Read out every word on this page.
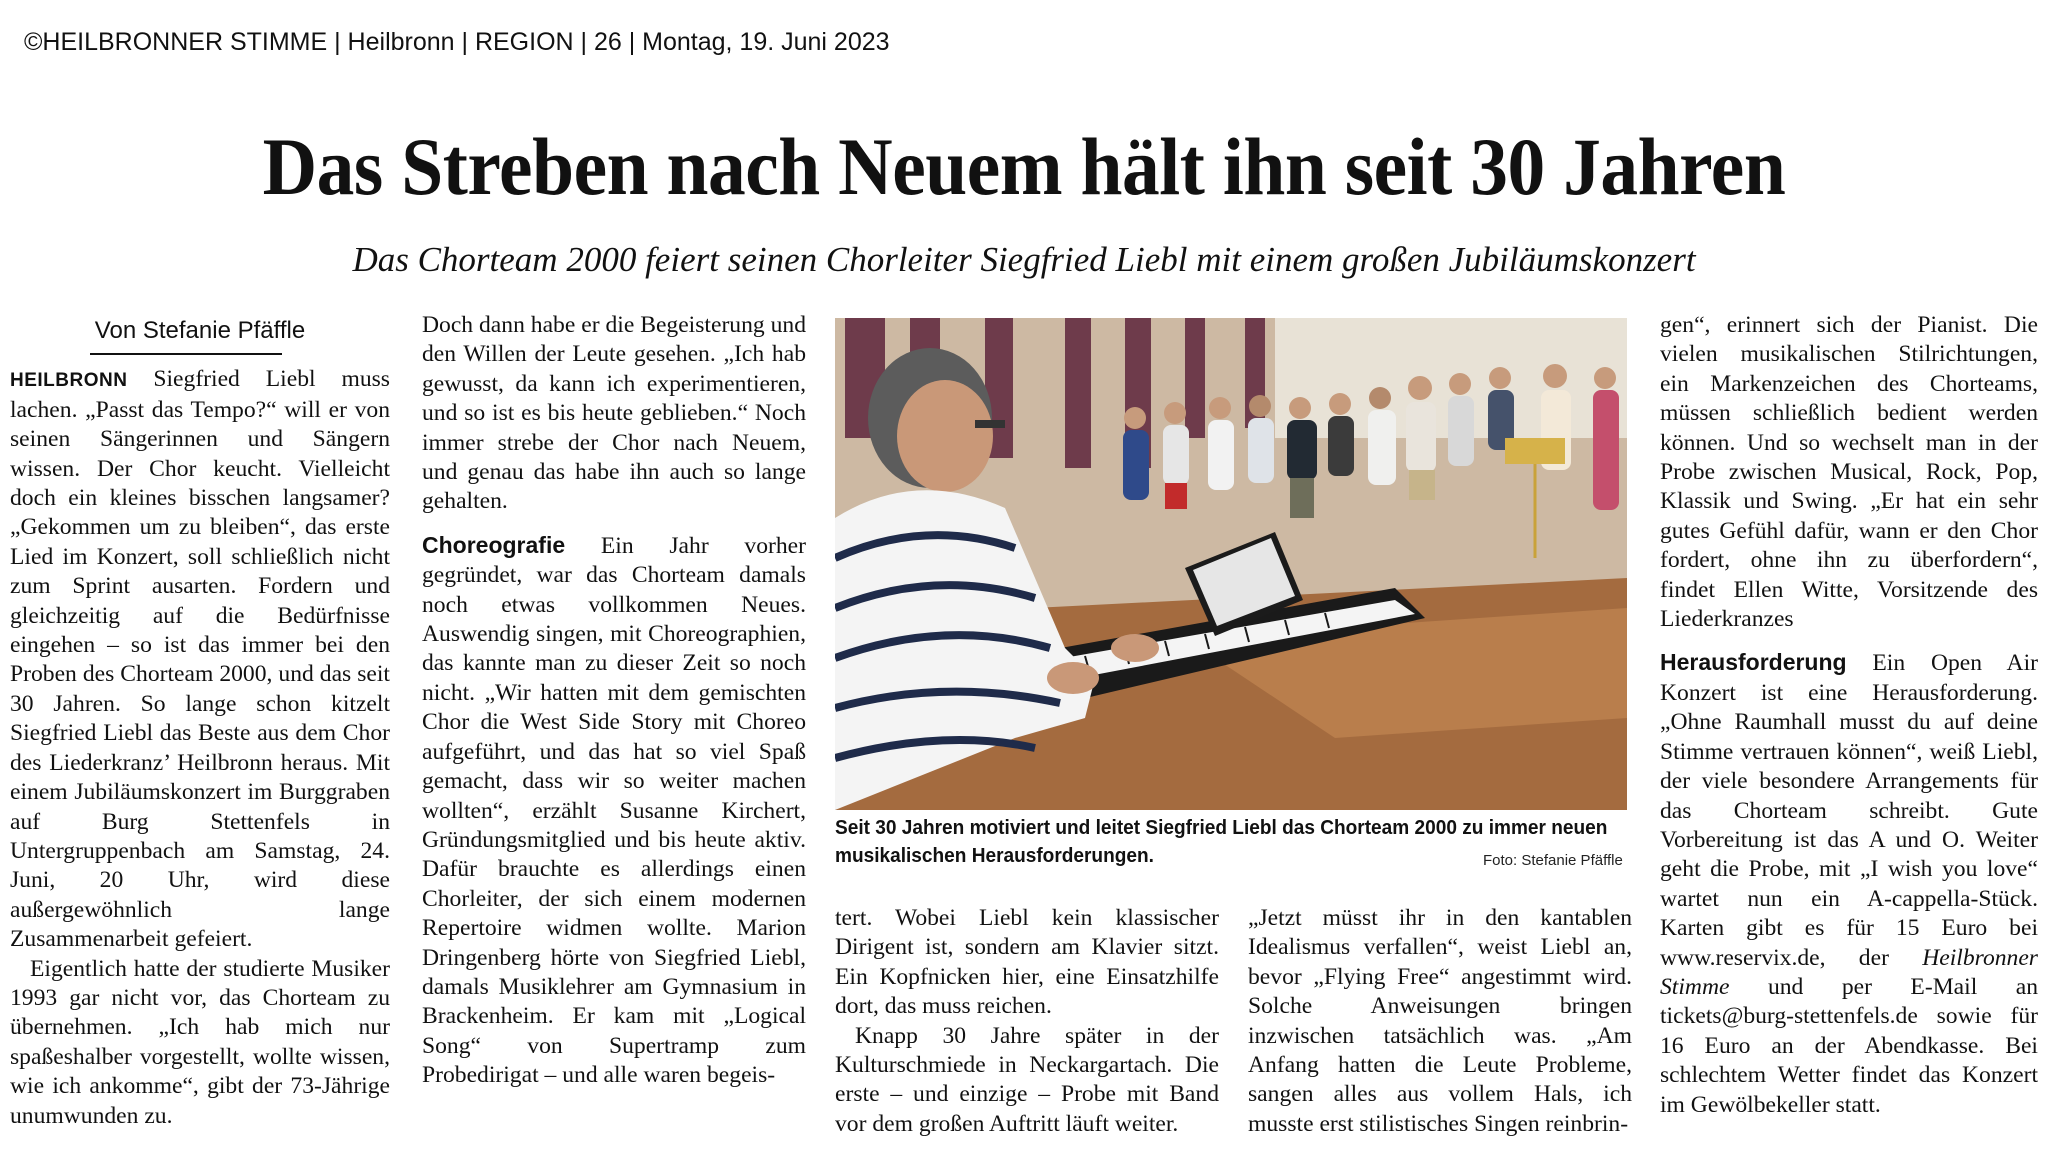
©HEILBRONNER STIMME | Heilbronn | REGION | 26 | Montag, 19. Juni 2023
Das Streben nach Neuem hält ihn seit 30 Jahren
Das Chorteam 2000 feiert seinen Chorleiter Siegfried Liebl mit einem großen Jubiläumskonzert
Von Stefanie Pfäffle

HEILBRONN Siegfried Liebl muss lachen. „Passt das Tempo?“ will er von seinen Sängerinnen und Sängern wissen. Der Chor keucht. Vielleicht doch ein kleines bisschen langsamer? „Gekommen um zu bleiben“, das erste Lied im Konzert, soll schließlich nicht zum Sprint ausarten. Fordern und gleichzeitig auf die Bedürfnisse eingehen – so ist das immer bei den Proben des Chorteam 2000, und das seit 30 Jahren. So lange schon kitzelt Siegfried Liebl das Beste aus dem Chor des Liederkranz’ Heilbronn heraus. Mit einem Jubiläumskonzert im Burggraben auf Burg Stettenfels in Untergruppenbach am Samstag, 24. Juni, 20 Uhr, wird diese außergewöhnlich lange Zusammenarbeit gefeiert.

Eigentlich hatte der studierte Musiker 1993 gar nicht vor, das Chorteam zu übernehmen. „Ich hab mich nur spaßeshalber vorgestellt, wollte wissen, wie ich ankomme“, gibt der 73-Jährige unumwunden zu.

Doch dann habe er die Begeisterung und den Willen der Leute gesehen. „Ich hab gewusst, da kann ich experimentieren, und so ist es bis heute geblieben.“ Noch immer strebe der Chor nach Neuem, und genau das habe ihn auch so lange gehalten.

Choreografie Ein Jahr vorher gegründet, war das Chorteam damals noch etwas vollkommen Neues. Auswendig singen, mit Choreographien, das kannte man zu dieser Zeit so noch nicht. „Wir hatten mit dem gemischten Chor die West Side Story mit Choreo aufgeführt, und das hat so viel Spaß gemacht, dass wir so weiter machen wollten“, erzählt Susanne Kirchert, Gründungsmitglied und bis heute aktiv. Dafür brauchte es allerdings einen Chorleiter, der sich einem modernen Repertoire widmen wollte. Marion Dringenberg hörte von Siegfried Liebl, damals Musiklehrer am Gymnasium in Brackenheim. Er kam mit „Logical Song“ von Supertramp zum Probedirigat – und alle waren begeis-

Seit 30 Jahren motiviert und leitet Siegfried Liebl das Chorteam 2000 zu immer neuen musikalischen Herausforderungen.	Foto: Stefanie Pfäffle

tert. Wobei Liebl kein klassischer Dirigent ist, sondern am Klavier sitzt. Ein Kopfnicken hier, eine Einsatzhilfe dort, das muss reichen.

Knapp 30 Jahre später in der Kulturschmiede in Neckargartach. Die erste – und einzige – Probe mit Band vor dem großen Auftritt läuft weiter.

„Jetzt müsst ihr in den kantablen Idealismus verfallen“, weist Liebl an, bevor „Flying Free“ angestimmt wird. Solche Anweisungen bringen inzwischen tatsächlich was. „Am Anfang hatten die Leute Probleme, sangen alles aus vollem Hals, ich musste erst stilistisches Singen reinbrin-

gen“, erinnert sich der Pianist. Die vielen musikalischen Stilrichtungen, ein Markenzeichen des Chorteams, müssen schließlich bedient werden können. Und so wechselt man in der Probe zwischen Musical, Rock, Pop, Klassik und Swing. „Er hat ein sehr gutes Gefühl dafür, wann er den Chor fordert, ohne ihn zu überfordern“, findet Ellen Witte, Vorsitzende des Liederkranzes

Herausforderung Ein Open Air Konzert ist eine Herausforderung. „Ohne Raumhall musst du auf deine Stimme vertrauen können“, weiß Liebl, der viele besondere Arrangements für das Chorteam schreibt. Gute Vorbereitung ist das A und O. Weiter geht die Probe, mit „I wish you love“ wartet nun ein A-cappella-Stück. Karten gibt es für 15 Euro bei www.reservix.de, der Heilbronner Stimme und per E-Mail an tickets@burg-stettenfels.de sowie für 16 Euro an der Abendkasse. Bei schlechtem Wetter findet das Konzert im Gewölbekeller statt.
